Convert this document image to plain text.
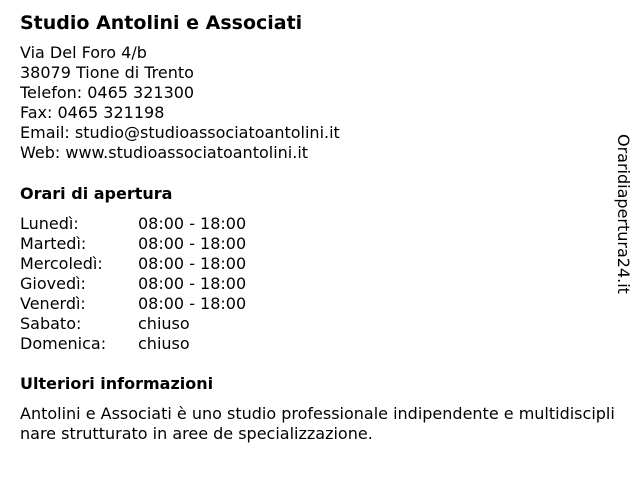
Studio Antolini e Associati
Via Del Foro 4/b
38079 Tione di Trento
Telefon: 0465 321300
Fax: 0465 321198
Email: studio@studioassociatoantolini.it
Web: www.studioassociatoantolini.it
Orari di apertura
Lunedì:	08:00 - 18:00
Martedì:	08:00 - 18:00
Mercoledì: 08:00 - 18:00
Giovedì:	08:00 - 18:00
Venerdì:	08:00 - 18:00
Sabato:	chiuso
Domenica: chiuso
Ulteriori informazioni
Antolini e Associati è uno studio professionale indipendente e multidisciplinare strutturato in aree de specializzazione.
Oraridiapertura24.it
